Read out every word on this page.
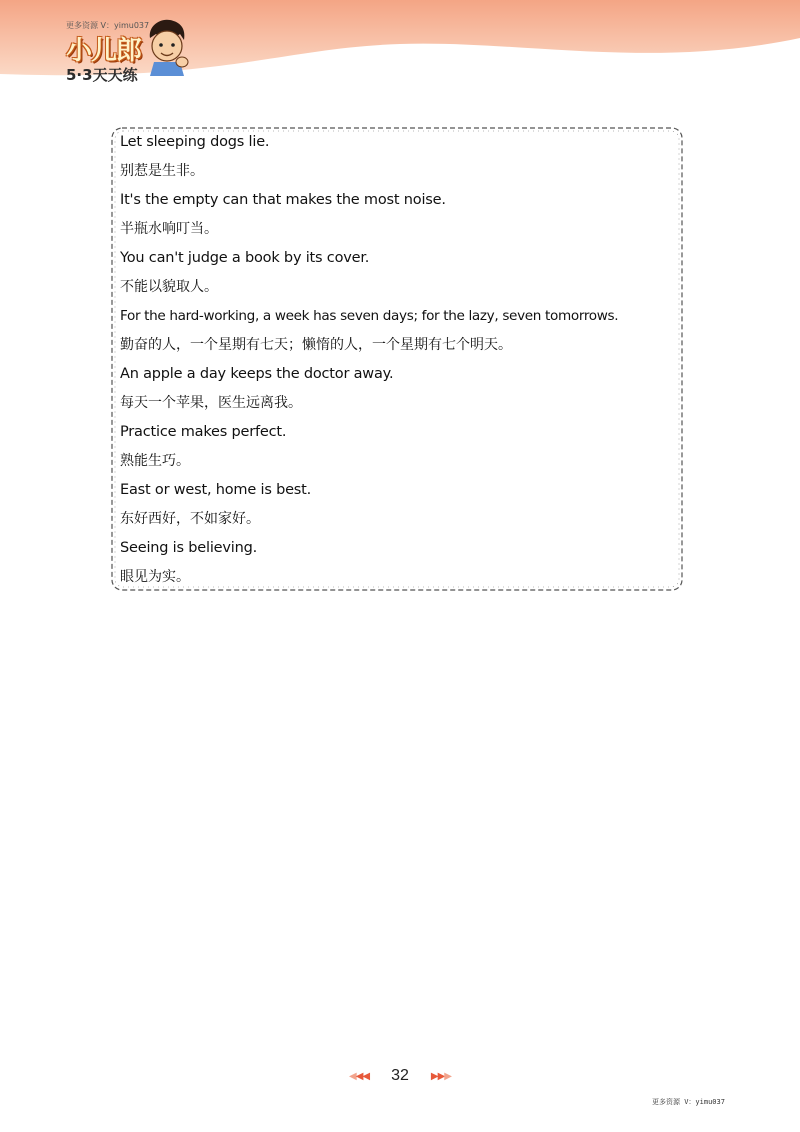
更多资源 V：yimu037
小儿郎
5·3天天练
Let sleeping dogs lie.
别惹是生非。
It's the empty can that makes the most noise.
半瓶水响叮当。
You can't judge a book by its cover.
不能以貌取人。
For the hard-working, a week has seven days; for the lazy, seven tomorrows.
勤奋的人，一个星期有七天；懒惰的人，一个星期有七个明天。
An apple a day keeps the doctor away.
每天一个苹果，医生远离我。
Practice makes perfect.
熟能生巧。
East or west, home is best.
东好西好，不如家好。
Seeing is believing.
眼见为实。
◀◀◀ 32 ▶▶▶
更多资源 V：yimu037
